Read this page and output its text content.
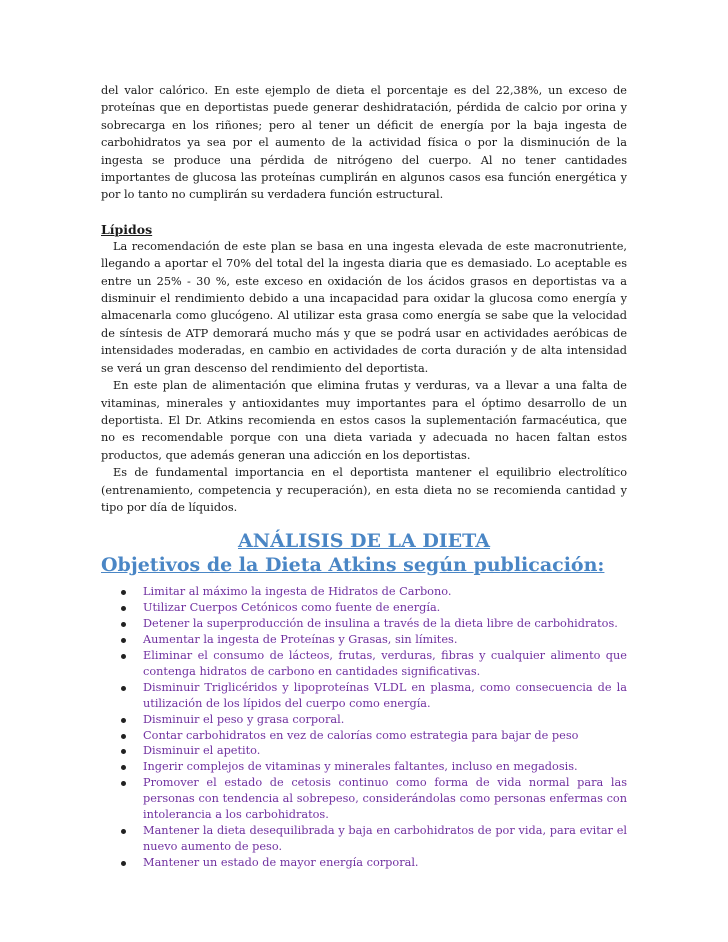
del valor calórico. En este ejemplo de dieta el porcentaje es del 22,38%, un exceso de proteínas que en deportistas puede generar deshidratación, pérdida de calcio por orina y sobrecarga en los riñones; pero al tener un déficit de energía por la baja ingesta de carbohidratos ya sea por el aumento de la actividad física o por la disminución de la ingesta se produce una pérdida de nitrógeno del cuerpo. Al no tener cantidades importantes de glucosa las proteínas cumplirán en algunos casos esa función energética y por lo tanto no cumplirán su verdadera función estructural.

Lípidos

La recomendación de este plan se basa en una ingesta elevada de este macronutriente, llegando a aportar el 70% del total del la ingesta diaria que es demasiado. Lo aceptable es entre un 25% - 30 %, este exceso en oxidación de los ácidos grasos en deportistas va a disminuir el rendimiento debido a una incapacidad para oxidar la glucosa como energía y almacenarla como glucógeno. Al utilizar esta grasa como energía se sabe que la velocidad de síntesis de ATP demorará mucho más y que se podrá usar en actividades aeróbicas de intensidades moderadas, en cambio en actividades de corta duración y de alta intensidad se verá un gran descenso del rendimiento del deportista.

En este plan de alimentación que elimina frutas y verduras, va a llevar a una falta de vitaminas, minerales y antioxidantes muy importantes para el óptimo desarrollo de un deportista. El Dr. Atkins recomienda en estos casos la suplementación farmacéutica, que no es recomendable porque con una dieta variada y adecuada no hacen faltan estos productos, que además generan una adicción en los deportistas.

Es de fundamental importancia en el deportista mantener el equilibrio electrolítico (entrenamiento, competencia y recuperación), en esta dieta no se recomienda cantidad y tipo por día de líquidos.

ANÁLISIS DE LA DIETA
Objetivos de la Dieta Atkins según publicación:
Limitar al máximo la ingesta de Hidratos de Carbono.
Utilizar Cuerpos Cetónicos como fuente de energía.
Detener la superproducción de insulina a través de la dieta libre de carbohidratos.
Aumentar la ingesta de Proteínas y Grasas, sin límites.
Eliminar el consumo de lácteos, frutas, verduras, fibras y cualquier alimento que contenga hidratos de carbono en cantidades significativas.
Disminuir Triglicéridos y lipoproteínas VLDL en plasma, como consecuencia de la utilización de los lípidos del cuerpo como energía.
Disminuir el peso y grasa corporal.
Contar carbohidratos en vez de calorías como estrategia para bajar de peso
Disminuir el apetito.
Ingerir complejos de vitaminas y minerales faltantes, incluso en megadosis.
Promover el estado de cetosis continuo como forma de vida normal para las personas con tendencia al sobrepeso, considerándolas como personas enfermas con intolerancia a los carbohidratos.
Mantener la dieta desequilibrada y baja en carbohidratos de por vida, para evitar el nuevo aumento de peso.
Mantener un estado de mayor energía corporal.
